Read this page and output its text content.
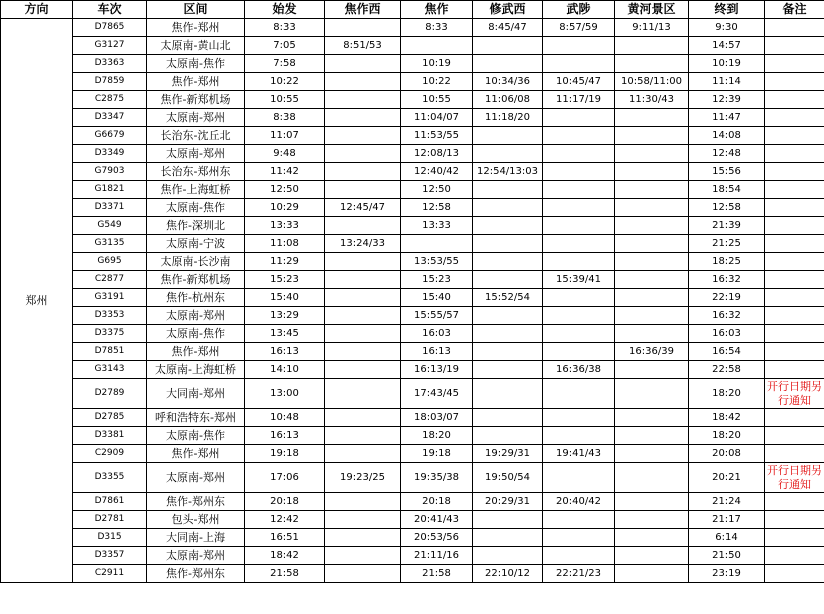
方向	车次	区间	始发	焦作西	焦作	修武西	武陟	黄河景区	终到	备注
郑州	D7865	焦作-郑州	8:33		8:33	8:45/47	8:57/59	9:11/13	9:30	
	G3127	太原南-黄山北	7:05	8:51/53					14:57	
	D3363	太原南-焦作	7:58		10:19				10:19	
	D7859	焦作-郑州	10:22		10:22	10:34/36	10:45/47	10:58/11:00	11:14	
	C2875	焦作-新郑机场	10:55		10:55	11:06/08	11:17/19	11:30/43	12:39	
	D3347	太原南-郑州	8:38		11:04/07	11:18/20			11:47	
	G6679	长治东-沈丘北	11:07		11:53/55				14:08	
	D3349	太原南-郑州	9:48		12:08/13				12:48	
	G7903	长治东-郑州东	11:42		12:40/42	12:54/13:03			15:56	
	G1821	焦作-上海虹桥	12:50		12:50				18:54	
	D3371	太原南-焦作	10:29	12:45/47	12:58				12:58	
	G549	焦作-深圳北	13:33		13:33				21:39	
	G3135	太原南-宁波	11:08	13:24/33					21:25	
	G695	太原南-长沙南	11:29		13:53/55				18:25	
	C2877	焦作-新郑机场	15:23		15:23		15:39/41		16:32	
	G3191	焦作-杭州东	15:40		15:40	15:52/54			22:19	
	D3353	太原南-郑州	13:29		15:55/57				16:32	
	D3375	太原南-焦作	13:45		16:03				16:03	
	D7851	焦作-郑州	16:13		16:13			16:36/39	16:54	
	G3143	太原南-上海虹桥	14:10		16:13/19		16:36/38		22:58	
	D2789	大同南-郑州	13:00		17:43/45				18:20	开行日期另行通知
	D2785	呼和浩特东-郑州	10:48		18:03/07				18:42	
	D3381	太原南-焦作	16:13		18:20				18:20	
	C2909	焦作-郑州	19:18		19:18	19:29/31	19:41/43		20:08	
	D3355	太原南-郑州	17:06	19:23/25	19:35/38	19:50/54			20:21	开行日期另行通知
	D7861	焦作-郑州东	20:18		20:18	20:29/31	20:40/42		21:24	
	D2781	包头-郑州	12:42		20:41/43				21:17	
	D315	大同南-上海	16:51		20:53/56				6:14	
	D3357	太原南-郑州	18:42		21:11/16				21:50	
	C2911	焦作-郑州东	21:58		21:58	22:10/12	22:21/23		23:19	
